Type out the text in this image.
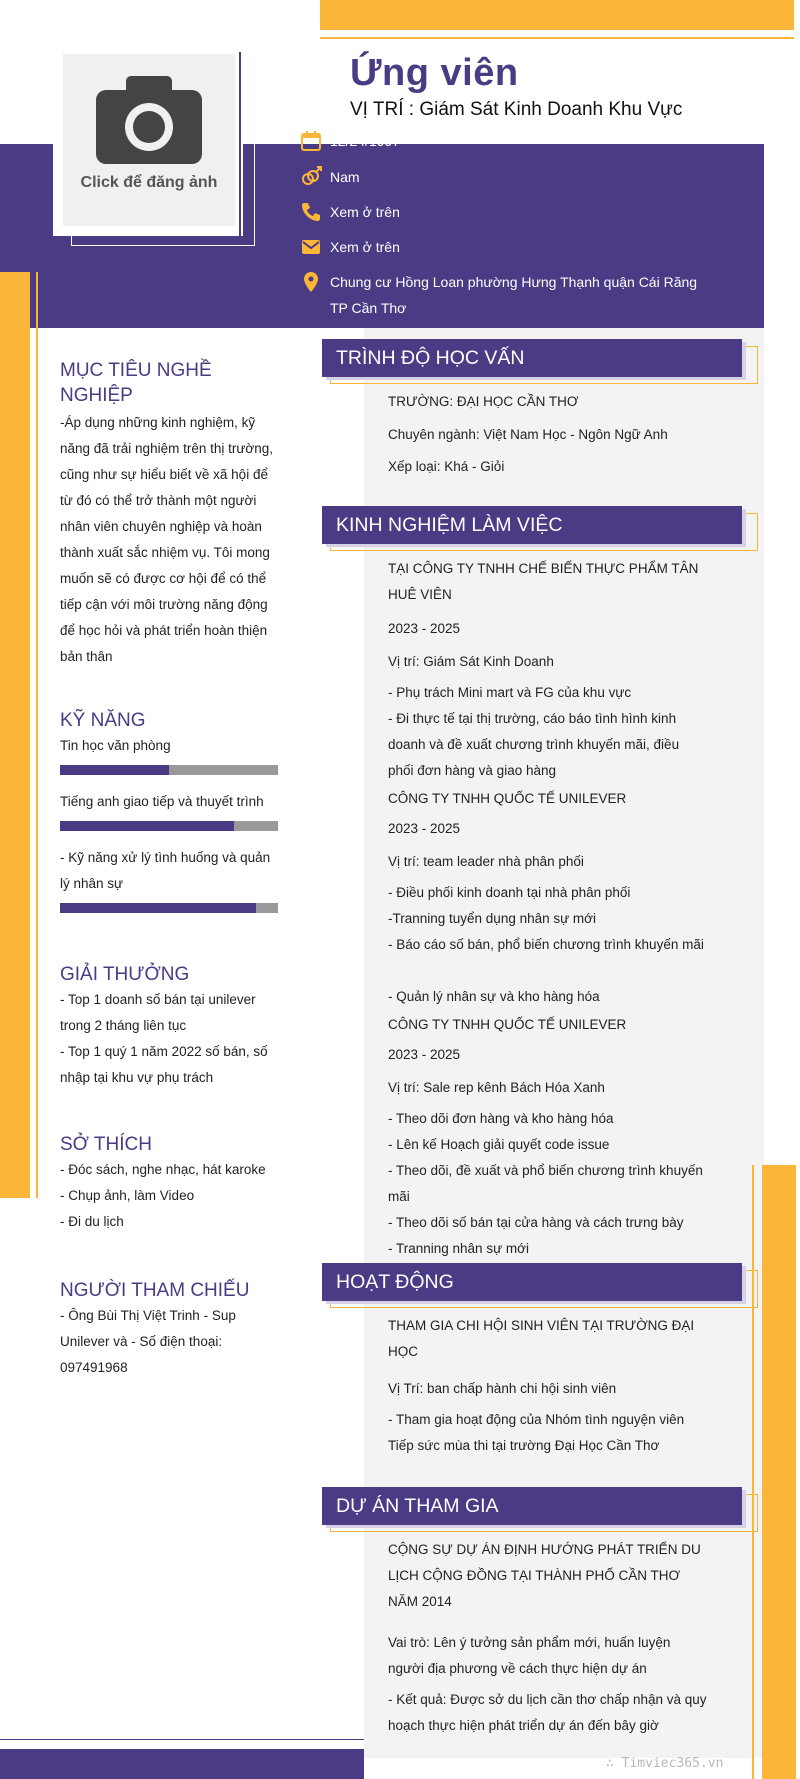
Click để đăng ảnh
Ứng viên
VỊ TRÍ : Giám Sát Kinh Doanh Khu Vực
12/24/1997
Nam
Xem ở trên
Xem ở trên
Chung cư Hồng Loan phường Hưng Thạnh quận Cái Răng TP Cần Thơ
MỤC TIÊU NGHỀ NGHIỆP
-Áp dụng những kinh nghiệm, kỹ năng đã trải nghiệm trên thị trường, cũng như sự hiểu biết về xã hội để từ đó có thể trở thành một người nhân viên chuyên nghiệp và hoàn thành xuất sắc nhiệm vụ. Tôi mong muốn sẽ có được cơ hội để có thể tiếp cận với môi trường năng động để học hỏi và phát triển hoàn thiện bản thân
KỸ NĂNG
Tin học văn phòng
Tiếng anh giao tiếp và thuyết trình
- Kỹ năng xử lý tình huống và quản lý nhân sự
GIẢI THƯỞNG
- Top 1 doanh số bán tại unilever trong 2 tháng liên tục
- Top 1 quý 1 năm 2022 số bán, số nhập tại khu vự phụ trách
SỞ THÍCH
- Đóc sách, nghe nhạc, hát karoke
- Chụp ảnh, làm Video
- Đi du lịch
NGƯỜI THAM CHIẾU
- Ông Bùi Thị Việt Trinh - Sup Unilever và - Số điện thoại: 097491968
TRÌNH ĐỘ HỌC VẤN
TRƯỜNG: ĐẠI HỌC CẦN THƠ
Chuyên ngành: Việt Nam Học - Ngôn Ngữ Anh
Xếp loại: Khá - Giỏi
KINH NGHIỆM LÀM VIỆC
TẠI CÔNG TY TNHH CHẾ BIẾN THỰC PHẨM TÂN HUÊ VIÊN
2023 - 2025
Vị trí: Giám Sát Kinh Doanh
- Phụ trách Mini mart và FG của khu vực
- Đi thực tế tại thị trường, cáo báo tình hình kinh doanh và đề xuất chương trình khuyến mãi, điều phối đơn hàng và giao hàng
CÔNG TY TNHH QUỐC TẾ UNILEVER
2023 - 2025
Vị trí: team leader nhà phân phối
- Điều phối kinh doanh tại nhà phân phối
-Tranning tuyển dụng nhân sự mới
- Báo cáo số bán, phổ biến chương trình khuyến mãi
- Quản lý nhân sự và kho hàng hóa
CÔNG TY TNHH QUỐC TẾ UNILEVER
2023 - 2025
Vị trí: Sale rep kênh Bách Hóa Xanh
- Theo dõi đơn hàng và kho hàng hóa
- Lên kế Hoạch giải quyết code issue
- Theo dõi, đề xuất và phổ biến chương trình khuyến mãi
- Theo dõi số bán tại cửa hàng và cách trưng bày
- Tranning nhân sự mới
HOẠT ĐỘNG
THAM GIA CHI HỘI SINH VIÊN TẠI TRƯỜNG ĐẠI HỌC
Vị Trí: ban chấp hành chi hội sinh viên
- Tham gia hoạt động của Nhóm tình nguyện viên Tiếp sức mùa thi tại trường Đại Học Cần Thơ
DỰ ÁN THAM GIA
CỘNG SỰ DỰ ÁN ĐỊNH HƯỚNG PHÁT TRIỂN DU LỊCH CỘNG ĐỒNG TẠI THÀNH PHỐ CẦN THƠ NĂM 2014
Vai trò: Lên ý tưởng sản phẩm mới, huấn luyện người địa phương về cách thực hiện dự án
- Kết quả: Được sở du lịch cần thơ chấp nhận và quy hoạch thực hiện phát triển dự án đến bây giờ
∴ Timviec365.vn
